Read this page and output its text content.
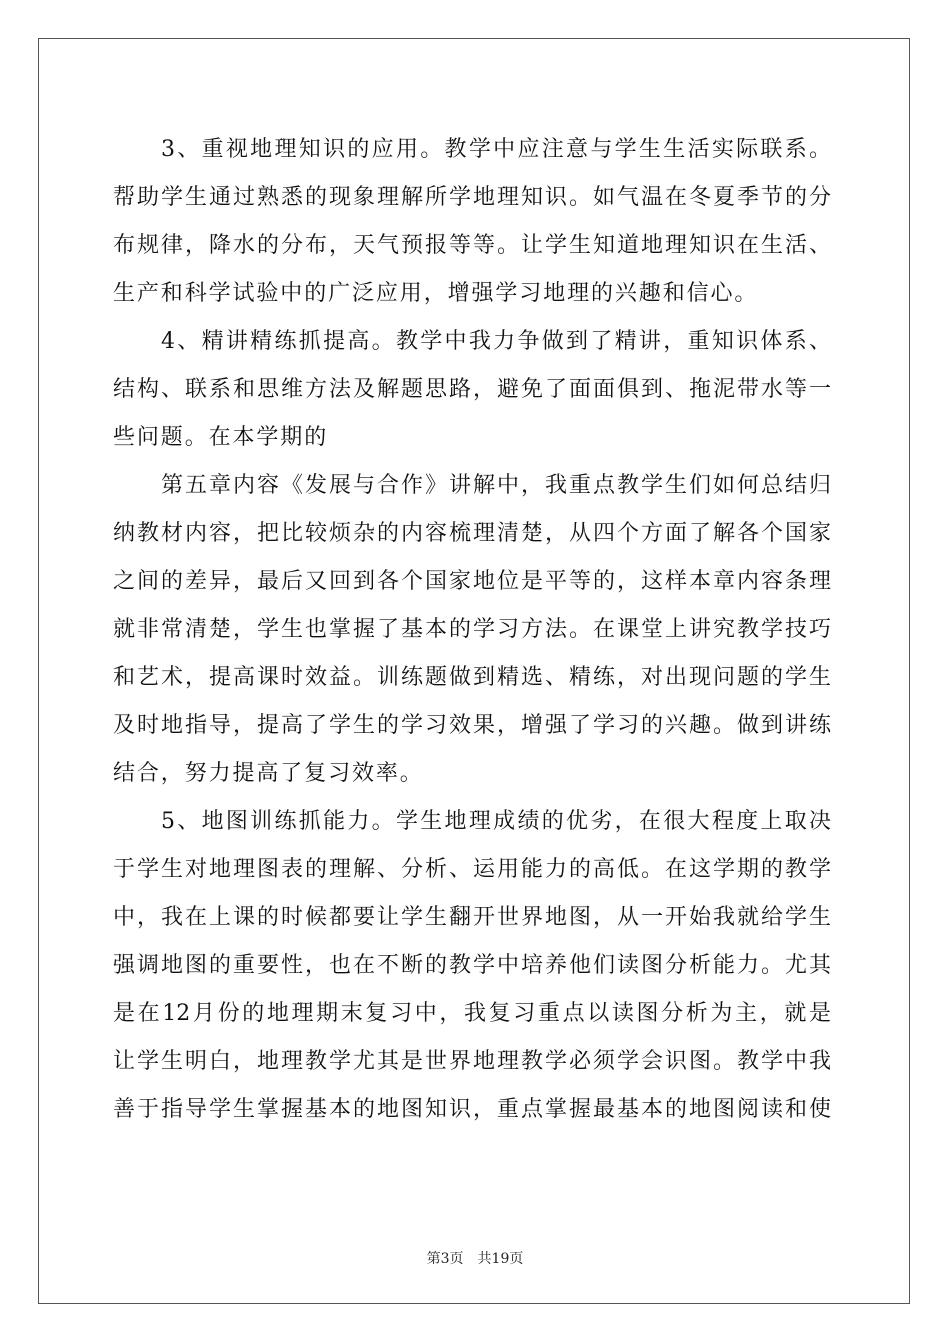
3、重视地理知识的应用。教学中应注意与学生生活实际联系。
帮助学生通过熟悉的现象理解所学地理知识。如气温在冬夏季节的分
布规律，降水的分布，天气预报等等。让学生知道地理知识在生活、
生产和科学试验中的广泛应用，增强学习地理的兴趣和信心。
4、精讲精练抓提高。教学中我力争做到了精讲，重知识体系、
结构、联系和思维方法及解题思路，避免了面面俱到、拖泥带水等一
些问题。在本学期的
第五章内容《发展与合作》讲解中，我重点教学生们如何总结归
纳教材内容，把比较烦杂的内容梳理清楚，从四个方面了解各个国家
之间的差异，最后又回到各个国家地位是平等的，这样本章内容条理
就非常清楚，学生也掌握了基本的学习方法。在课堂上讲究教学技巧
和艺术，提高课时效益。训练题做到精选、精练，对出现问题的学生
及时地指导，提高了学生的学习效果，增强了学习的兴趣。做到讲练
结合，努力提高了复习效率。
5、地图训练抓能力。学生地理成绩的优劣，在很大程度上取决
于学生对地理图表的理解、分析、运用能力的高低。在这学期的教学
中，我在上课的时候都要让学生翻开世界地图，从一开始我就给学生
强调地图的重要性，也在不断的教学中培养他们读图分析能力。尤其
是在12月份的地理期末复习中，我复习重点以读图分析为主，就是
让学生明白，地理教学尤其是世界地理教学必须学会识图。教学中我
善于指导学生掌握基本的地图知识，重点掌握最基本的地图阅读和使
第3页　共19页
